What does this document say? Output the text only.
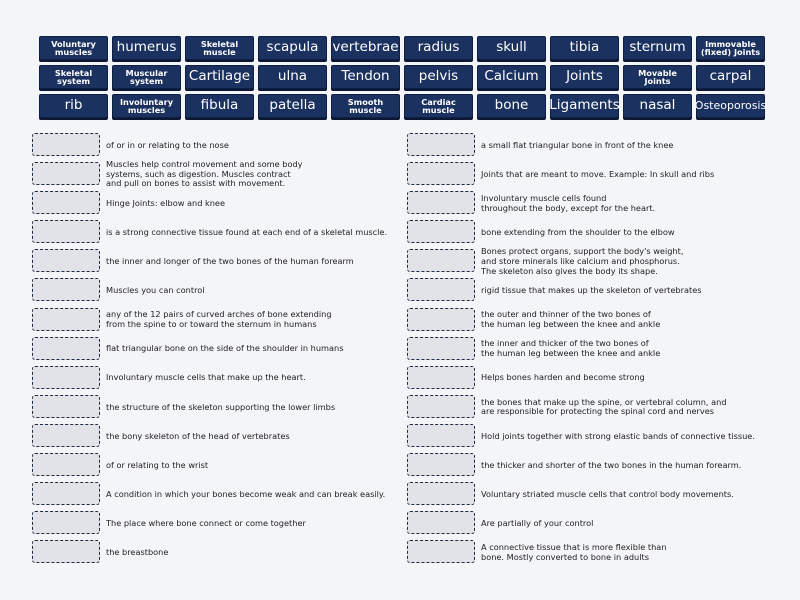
Voluntary
muscles humerus	Skeletal
muscle scapula vertebrae radius	skull	tibia sternum	Immovable
(fixed) Joints
Skeletal
system
Muscular
system	Cartilage ulna	Tendon pelvis Calcium Joints	Movable Joints	carpal
rib	Involuntary
muscles	fibula patella	Smooth
muscle
Cardiac
muscle	bone Ligaments nasal Osteoporosis
of or in or relating to the nose
Muscles help control movement and some body
systems, such as digestion. Muscles contract
and pull on bones to assist with movement.
Hinge Joints: elbow and knee
is a strong connective tissue found at each end of a skeletal muscle.
the inner and longer of the two bones of the human forearm
Muscles you can control
any of the 12 pairs of curved arches of bone extending
from the spine to or toward the sternum in humans
flat triangular bone on the side of the shoulder in humans
Involuntary muscle cells that make up the heart.
the structure of the skeleton supporting the lower limbs
the bony skeleton of the head of vertebrates
of or relating to the wrist
A condition in which your bones become weak and can break easily.
The place where bone connect or come together
the breastbone
a small flat triangular bone in front of the knee
Joints that are meant to move. Example: In skull and ribs
Involuntary muscle cells found
throughout the body, except for the heart.
bone extending from the shoulder to the elbow
Bones protect organs, support the body's weight,
and store minerals like calcium and phosphorus.
The skeleton also gives the body its shape.
rigid tissue that makes up the skeleton of vertebrates
the outer and thinner of the two bones of
the human leg between the knee and ankle
the inner and thicker of the two bones of
the human leg between the knee and ankle
Helps bones harden and become strong
the bones that make up the spine, or vertebral column, and
are responsible for protecting the spinal cord and nerves
Hold joints together with strong elastic bands of connective tissue.
the thicker and shorter of the two bones in the human forearm.
Voluntary striated muscle cells that control body movements.
Are partially of your control
A connective tissue that is more flexible than
bone. Mostly converted to bone in adults
